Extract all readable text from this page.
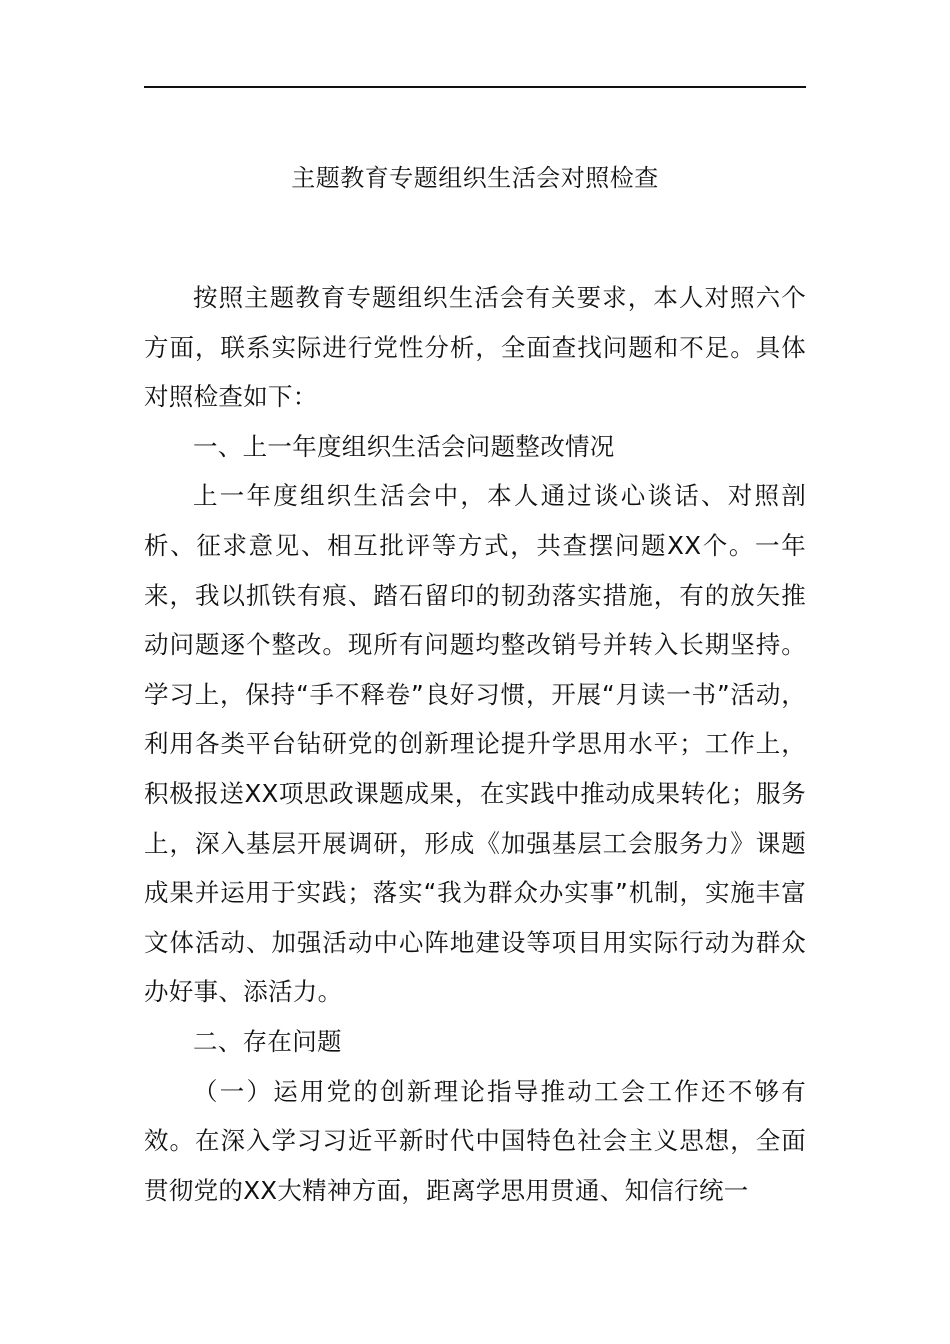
主题教育专题组织生活会对照检查

按照主题教育专题组织生活会有关要求，本人对照六个方面，联系实际进行党性分析，全面查找问题和不足。具体对照检查如下：

一、上一年度组织生活会问题整改情况

上一年度组织生活会中，本人通过谈心谈话、对照剖析、征求意见、相互批评等方式，共查摆问题XX个。一年来，我以抓铁有痕、踏石留印的韧劲落实措施，有的放矢推动问题逐个整改。现所有问题均整改销号并转入长期坚持。学习上，保持“手不释卷”良好习惯，开展“月读一书”活动，利用各类平台钻研党的创新理论提升学思用水平；工作上，积极报送XX项思政课题成果，在实践中推动成果转化；服务上，深入基层开展调研，形成《加强基层工会服务力》课题成果并运用于实践；落实“我为群众办实事”机制，实施丰富文体活动、加强活动中心阵地建设等项目用实际行动为群众办好事、添活力。

二、存在问题

（一）运用党的创新理论指导推动工会工作还不够有效。在深入学习习近平新时代中国特色社会主义思想，全面贯彻党的XX大精神方面，距离学思用贯通、知信行统一
